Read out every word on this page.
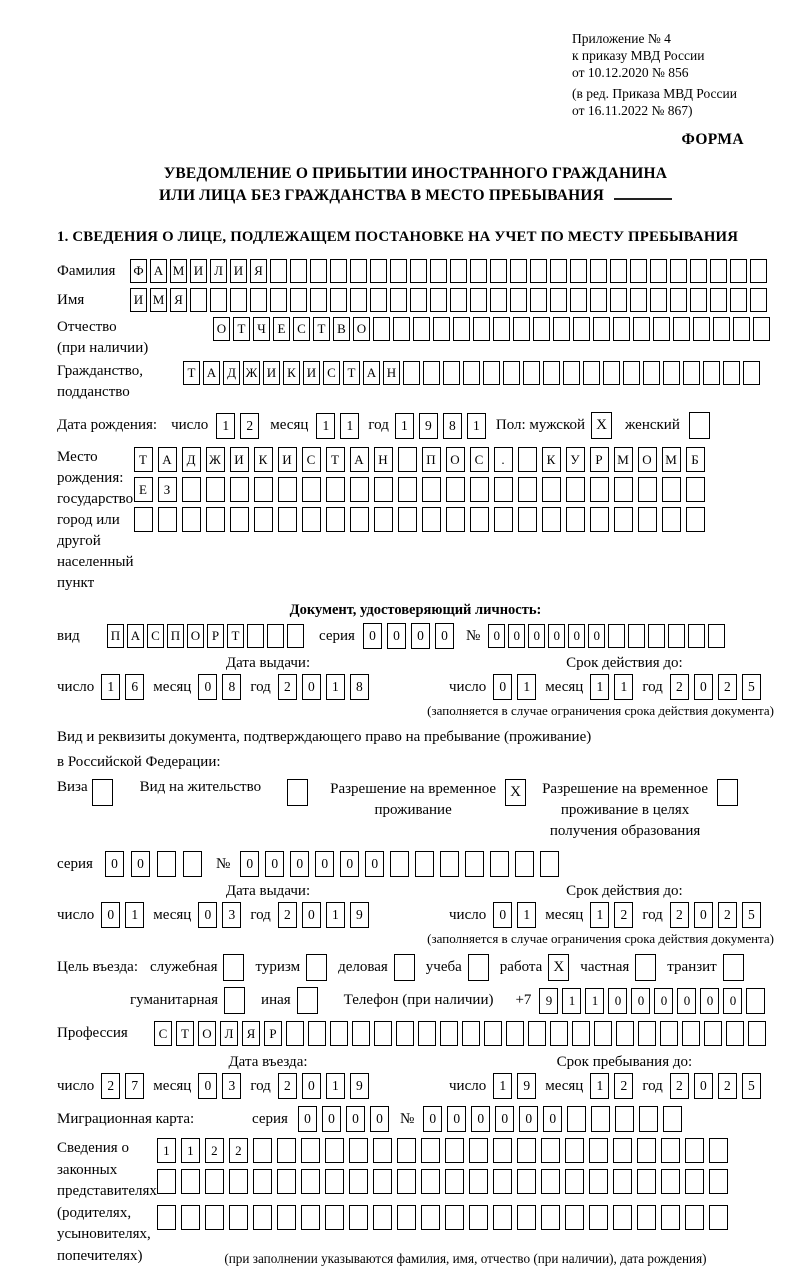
Приложение № 4
к приказу МВД России
от 10.12.2020 № 856
(в ред. Приказа МВД России
от 16.11.2022 № 867)
ФОРМА
УВЕДОМЛЕНИЕ О ПРИБЫТИИ ИНОСТРАННОГО ГРАЖДАНИНА
ИЛИ ЛИЦА БЕЗ ГРАЖДАНСТВА В МЕСТО ПРЕБЫВАНИЯ
1. СВЕДЕНИЯ О ЛИЦЕ, ПОДЛЕЖАЩЕМ ПОСТАНОВКЕ НА УЧЕТ ПО МЕСТУ ПРЕБЫВАНИЯ
Фамилия	Ф А М И Л И Я
Имя	И М Я
Отчество
(при наличии)
О Т Ч Е С Т В О
Гражданство,
подданство
Т А Д Ж И К И С Т А Н
Дата рождения: число	1	2	месяц	1	1	год 1	9	8	1	Пол: мужской X	женский
Место рождения:
государство
город или другой
населенный пункт
Т	А	Д	Ж	И	К	И	С	Т	А	Н	П	О	С	.	К	У	Р	М	О	М	Б

Е	З

Документ, удостоверяющий личность:
вид	П А С П О Р Т	серия	0	0	0	0	№	0	0	0	0	0	0
Дата выдачи:
число 1	6	месяц 0	8	год 2	0	1	8
Срок действия до:
число 0	1	месяц 1	1	год 2	0	2	5
(заполняется в случае ограничения срока действия документа)
Вид и реквизиты документа, подтверждающего право на пребывание (проживание)
в Российской Федерации:
Виза	Вид на жительство	Разрешение на временное
проживание
X	Разрешение на временное
проживание в целях
получения образования
серия	0	0	№	0	0	0	0	0	0
Дата выдачи:
число 0	1	месяц 0	3	год 2	0	1	9
Срок действия до:
число 0	1	месяц 1	2	год 2	0	2	5
(заполняется в случае ограничения срока действия документа)
Цель въезда: служебная	туризм	деловая	учеба	работа X	частная	транзит
гуманитарная	иная	Телефон (при наличии) +7	9	1	1	0	0	0	0	0	0
Профессия	С	Т	О Л	Я	Р
Дата въезда:
число 2	7	месяц 0	3	год 2	0	1	9
Срок пребывания до:
число 1	9	месяц 1	2	год 2	0	2	5
Миграционная карта:	серия	0	0	0	0	№	0	0	0	0	0	0
Сведения о
законных
представителях
(родителях,
усыновителях,
попечителях)
1	1	2	2

(при заполнении указываются фамилия, имя, отчество (при наличии), дата рождения)
